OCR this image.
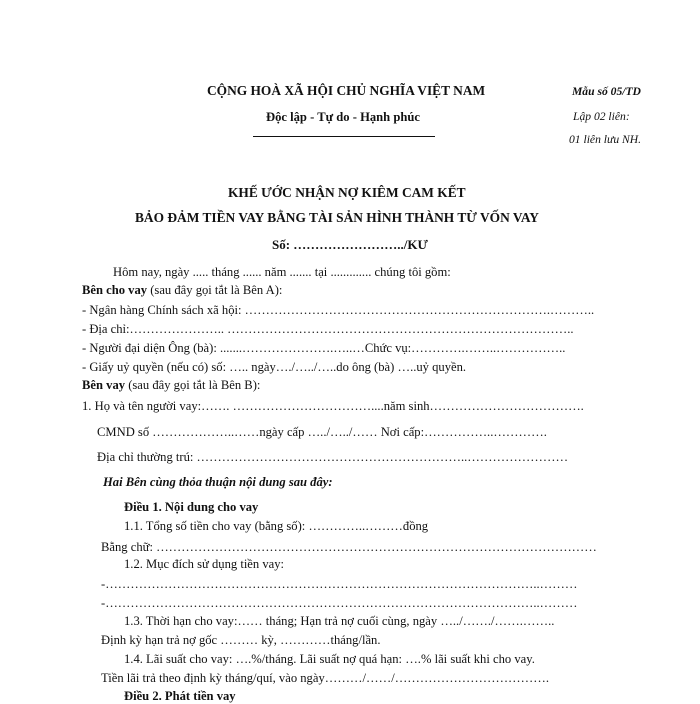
CỘNG HOÀ XÃ HỘI CHỦ NGHĨA VIỆT NAM
Độc lập - Tự do - Hạnh phúc
Mẫu số 05/TD
Lập 02 liên:
01 liên lưu NH.
KHẾ ƯỚC NHẬN NỢ KIÊM CAM KẾT
BẢO ĐẢM TIỀN VAY BẰNG TÀI SẢN HÌNH THÀNH TỪ VỐN VAY
Số: ……………………../KƯ
Hôm nay, ngày ..... tháng ...... năm ....... tại ............. chúng tôi gồm:
Bên cho vay (sau đây gọi tắt là Bên A):
- Ngân hàng Chính sách xã hội: ……………………………………………………………….………..
- Địa chỉ:………………….. ………………………………………………………………………..
- Người đại diện Ông (bà): .......………………….…..…Chức vụ:………….……..……………..
- Giấy uỷ quyền (nếu có) số: ….. ngày…./…../…..do ông (bà) …..uỷ quyền.
Bên vay (sau đây gọi tắt là Bên B):
1. Họ và tên người vay:……. ……………………………....năm sinh……………………………….
CMND số ………………..……ngày cấp …../…../…… Nơi cấp:……………..………….
Địa chỉ thường trú: ………………………………………………………..……………………
Hai Bên cùng thỏa thuận nội dung sau đây:
Điều 1. Nội dung cho vay
1.1. Tổng số tiền cho vay (bằng số): …………..………đồng
Bằng chữ: ……………………………………………………………………………………………
1.2. Mục đích sử dụng tiền vay:
-…………………………………………………………………………………………..………
-…………………………………………………………………………………………..………
1.3. Thời hạn cho vay:…… tháng; Hạn trả nợ cuối cùng, ngày …../……./…….……..
Định kỳ hạn trả nợ gốc ……… kỳ, …………tháng/lần.
1.4. Lãi suất cho vay: ….%/tháng. Lãi suất nợ quá hạn: ….% lãi suất khi cho vay.
Tiền lãi trả theo định kỳ tháng/quí, vào ngày………/……/……………………………….
Điều 2. Phát tiền vay
